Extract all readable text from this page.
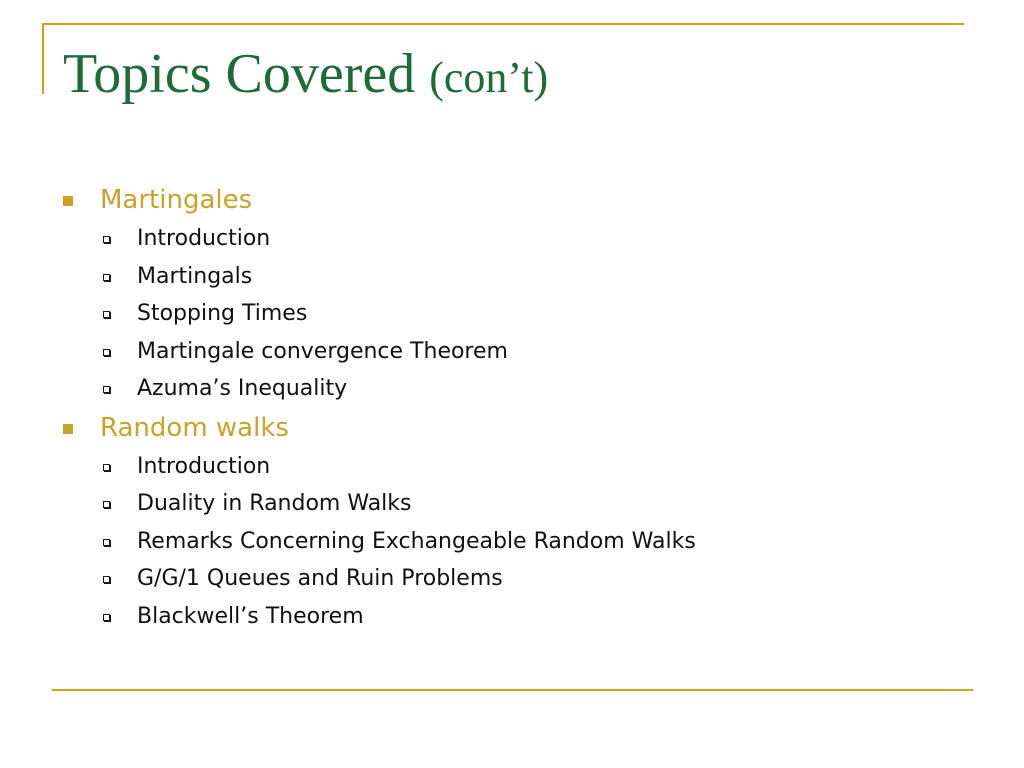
Topics Covered (con’t)
Martingales
Introduction
Martingals
Stopping Times
Martingale convergence Theorem
Azuma’s Inequality
Random walks
Introduction
Duality in Random Walks
Remarks Concerning Exchangeable Random Walks
G/G/1 Queues and Ruin Problems
Blackwell’s Theorem
